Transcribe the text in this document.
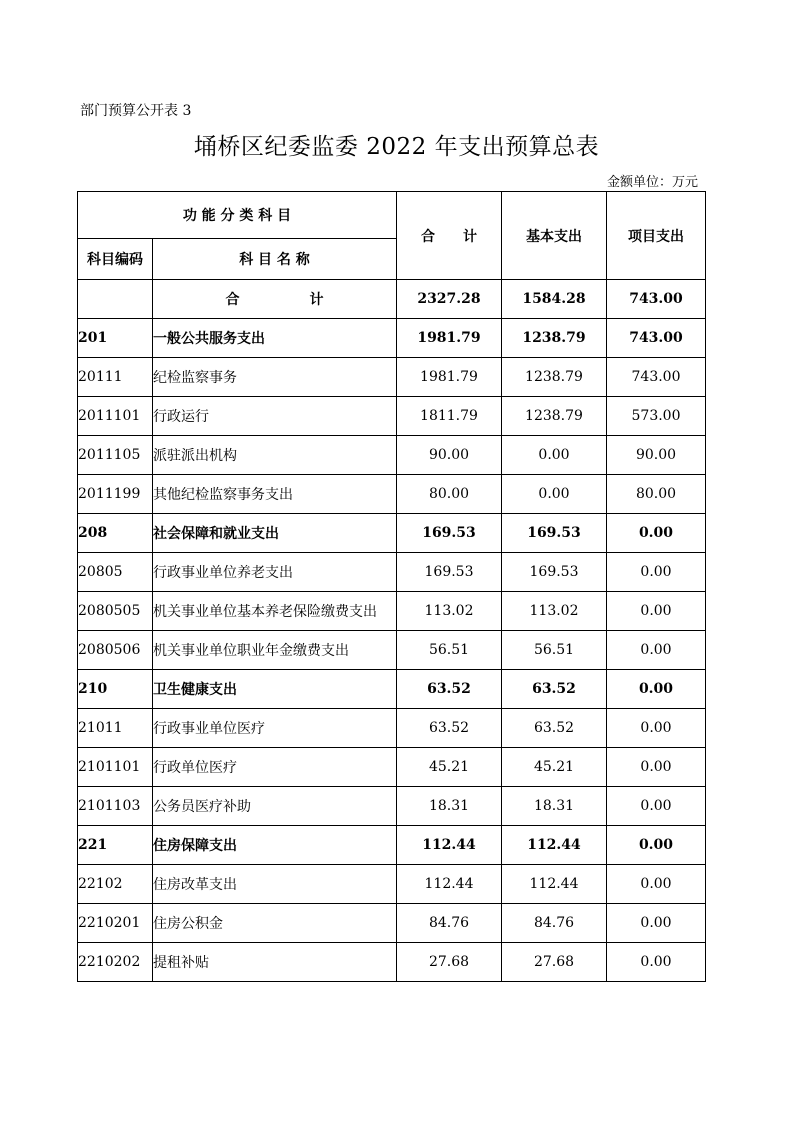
部门预算公开表 3
埇桥区纪委监委 2022 年支出预算总表
金额单位：万元
功 能 分 类 科 目		合　　计	基本支出	项目支出
科目编码	科 目 名 称			
	合　　　　　计	2327.28	1584.28	743.00
201	一般公共服务支出	1981.79	1238.79	743.00
20111	纪检监察事务	1981.79	1238.79	743.00
2011101	行政运行	1811.79	1238.79	573.00
2011105	派驻派出机构	90.00	0.00	90.00
2011199	其他纪检监察事务支出	80.00	0.00	80.00
208	社会保障和就业支出	169.53	169.53	0.00
20805	行政事业单位养老支出	169.53	169.53	0.00
2080505	机关事业单位基本养老保险缴费支出	113.02	113.02	0.00
2080506	机关事业单位职业年金缴费支出	56.51	56.51	0.00
210	卫生健康支出	63.52	63.52	0.00
21011	行政事业单位医疗	63.52	63.52	0.00
2101101	行政单位医疗	45.21	45.21	0.00
2101103	公务员医疗补助	18.31	18.31	0.00
221	住房保障支出	112.44	112.44	0.00
22102	住房改革支出	112.44	112.44	0.00
2210201	住房公积金	84.76	84.76	0.00
2210202	提租补贴	27.68	27.68	0.00
